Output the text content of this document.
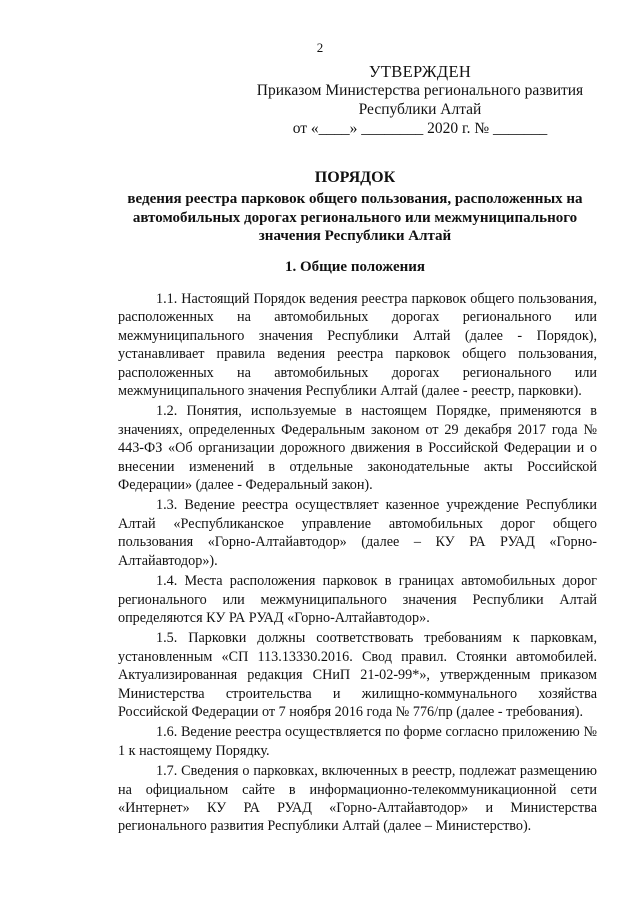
2
УТВЕРЖДЕН
Приказом Министерства регионального развития
Республики Алтай
от «____» ________ 2020 г. № _______
ПОРЯДОК
ведения реестра парковок общего пользования, расположенных на автомобильных дорогах регионального или межмуниципального значения Республики Алтай
1. Общие положения

1.1. Настоящий Порядок ведения реестра парковок общего пользования, расположенных на автомобильных дорогах регионального или межмуниципального значения Республики Алтай (далее - Порядок), устанавливает правила ведения реестра парковок общего пользования, расположенных на автомобильных дорогах регионального или межмуниципального значения Республики Алтай (далее - реестр, парковки).

1.2. Понятия, используемые в настоящем Порядке, применяются в значениях, определенных Федеральным законом от 29 декабря 2017 года № 443-ФЗ «Об организации дорожного движения в Российской Федерации и о внесении изменений в отдельные законодательные акты Российской Федерации» (далее - Федеральный закон).

1.3. Ведение реестра осуществляет казенное учреждение Республики Алтай «Республиканское управление автомобильных дорог общего пользования «Горно-Алтайавтодор» (далее – КУ РА РУАД «Горно-Алтайавтодор»).

1.4. Места расположения парковок в границах автомобильных дорог регионального или межмуниципального значения Республики Алтай определяются КУ РА РУАД «Горно-Алтайавтодор».

1.5. Парковки должны соответствовать требованиям к парковкам, установленным «СП 113.13330.2016. Свод правил. Стоянки автомобилей. Актуализированная редакция СНиП 21-02-99*», утвержденным приказом Министерства строительства и жилищно-коммунального хозяйства Российской Федерации от 7 ноября 2016 года № 776/пр (далее - требования).

1.6. Ведение реестра осуществляется по форме согласно приложению № 1 к настоящему Порядку.

1.7. Сведения о парковках, включенных в реестр, подлежат размещению на официальном сайте в информационно-телекоммуникационной сети «Интернет» КУ РА РУАД «Горно-Алтайавтодор» и Министерства регионального развития Республики Алтай (далее – Министерство).
